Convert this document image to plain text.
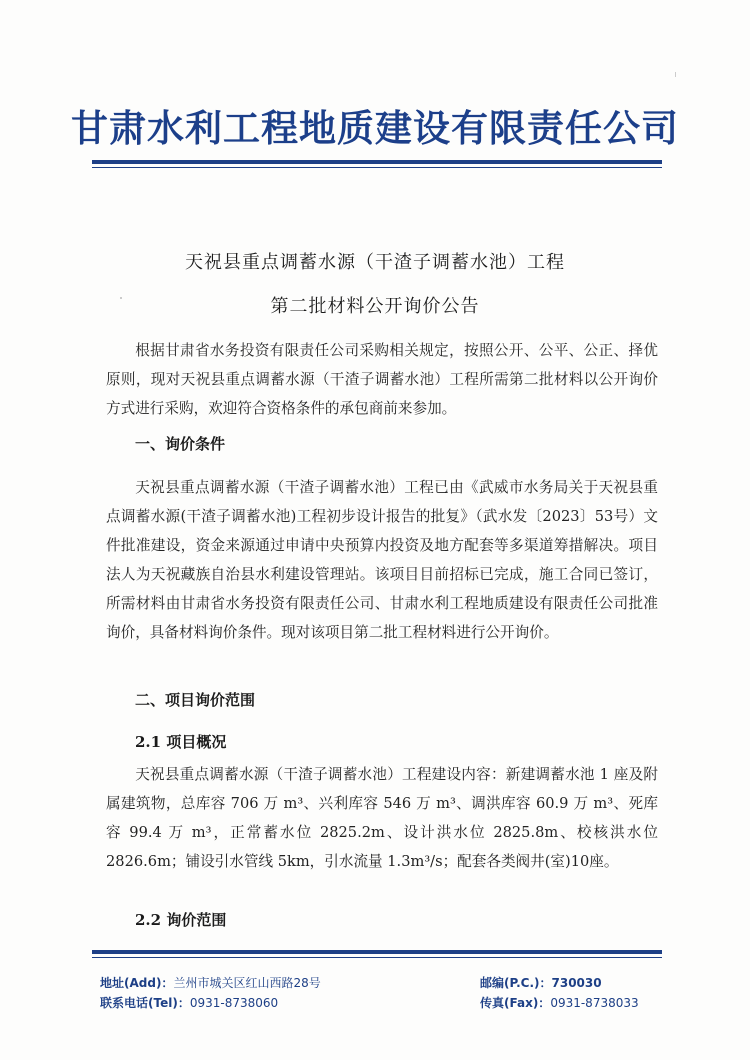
甘肃水利工程地质建设有限责任公司
天祝县重点调蓄水源（干渣子调蓄水池）工程
第二批材料公开询价公告
根据甘肃省水务投资有限责任公司采购相关规定，按照公开、公平、公正、择优原则，现对天祝县重点调蓄水源（干渣子调蓄水池）工程所需第二批材料以公开询价方式进行采购，欢迎符合资格条件的承包商前来参加。
一、询价条件
天祝县重点调蓄水源（干渣子调蓄水池）工程已由《武威市水务局关于天祝县重点调蓄水源(干渣子调蓄水池)工程初步设计报告的批复》（武水发〔2023〕53号）文件批准建设，资金来源通过申请中央预算内投资及地方配套等多渠道筹措解决。项目法人为天祝藏族自治县水利建设管理站。该项目目前招标已完成，施工合同已签订，所需材料由甘肃省水务投资有限责任公司、甘肃水利工程地质建设有限责任公司批准询价，具备材料询价条件。现对该项目第二批工程材料进行公开询价。
二、项目询价范围
2.1 项目概况
天祝县重点调蓄水源（干渣子调蓄水池）工程建设内容：新建调蓄水池 1 座及附属建筑物，总库容 706 万 m³、兴利库容 546 万 m³、调洪库容 60.9 万 m³、死库容 99.4 万 m³，正常蓄水位 2825.2m、设计洪水位 2825.8m、校核洪水位 2826.6m；铺设引水管线 5km，引水流量 1.3m³/s；配套各类阀井(室)10座。
2.2 询价范围
地址(Add)：兰州市城关区红山西路28号
联系电话(Tel)：0931-8738060
邮编(P.C.)：730030
传真(Fax)：0931-8738033
